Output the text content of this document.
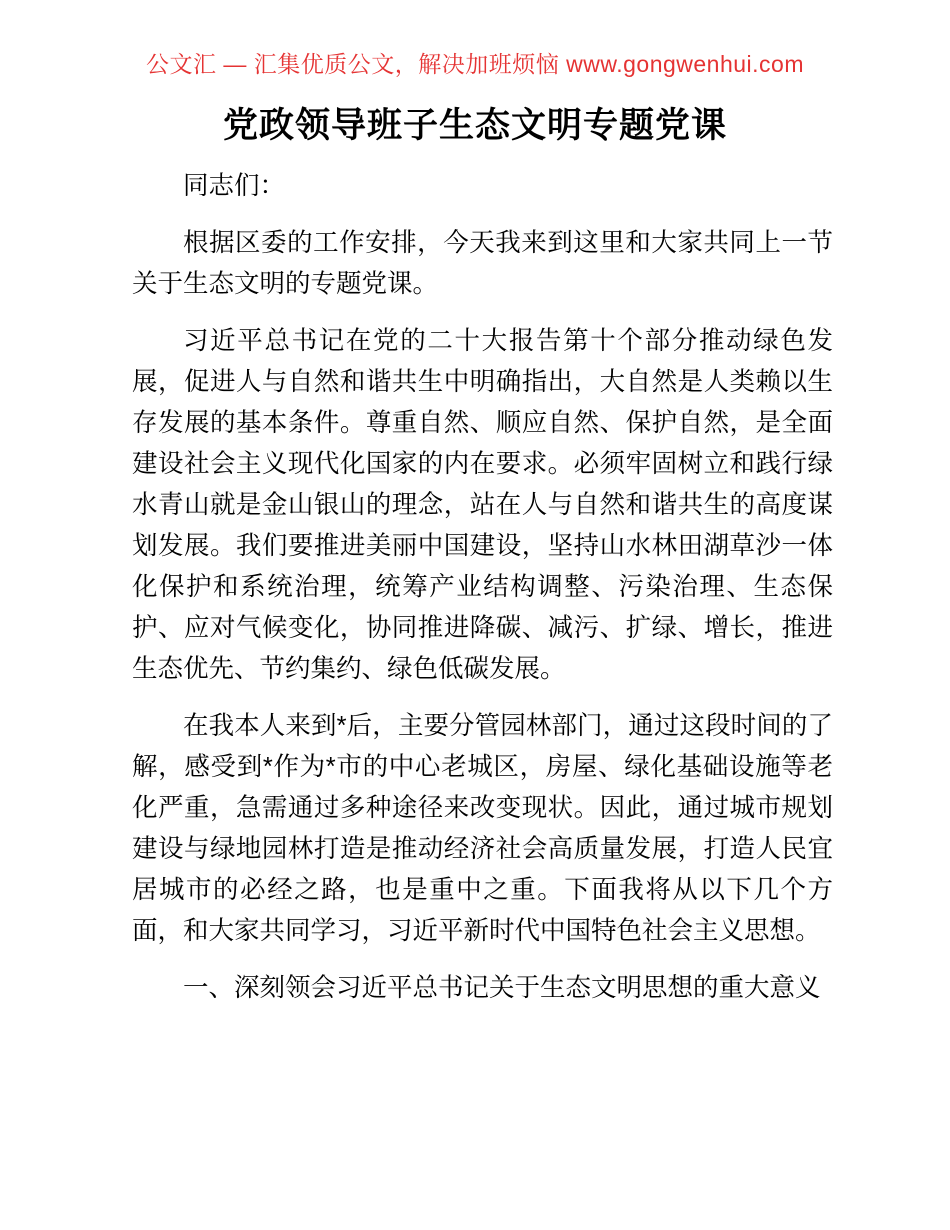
公文汇 — 汇集优质公文，解决加班烦恼 www.gongwenhui.com
党政领导班子生态文明专题党课

同志们：

根据区委的工作安排，今天我来到这里和大家共同上一节关于生态文明的专题党课。

习近平总书记在党的二十大报告第十个部分推动绿色发展，促进人与自然和谐共生中明确指出，大自然是人类赖以生存发展的基本条件。尊重自然、顺应自然、保护自然，是全面建设社会主义现代化国家的内在要求。必须牢固树立和践行绿水青山就是金山银山的理念，站在人与自然和谐共生的高度谋划发展。我们要推进美丽中国建设，坚持山水林田湖草沙一体化保护和系统治理，统筹产业结构调整、污染治理、生态保护、应对气候变化，协同推进降碳、减污、扩绿、增长，推进生态优先、节约集约、绿色低碳发展。

在我本人来到*后，主要分管园林部门，通过这段时间的了解，感受到*作为*市的中心老城区，房屋、绿化基础设施等老化严重，急需通过多种途径来改变现状。因此，通过城市规划建设与绿地园林打造是推动经济社会高质量发展，打造人民宜居城市的必经之路，也是重中之重。下面我将从以下几个方面，和大家共同学习，习近平新时代中国特色社会主义思想。

一、深刻领会习近平总书记关于生态文明思想的重大意义
